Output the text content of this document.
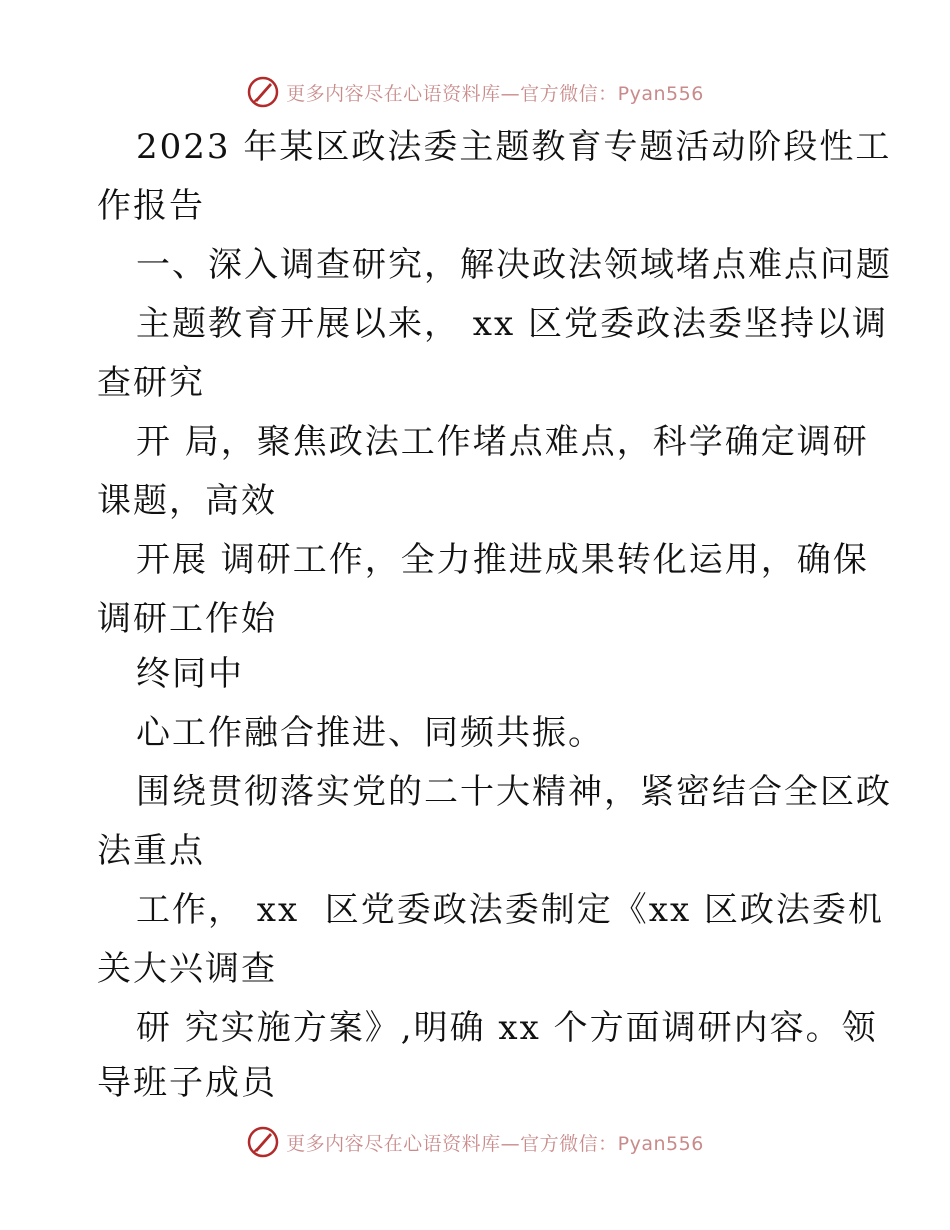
更多内容尽在心语资料库—官方微信：Pyan556
2023 年某区政法委主题教育专题活动阶段性工
作报告
一、深入调查研究，解决政法领域堵点难点问题
主题教育开展以来， xx 区党委政法委坚持以调
查研究
开 局，聚焦政法工作堵点难点，科学确定调研
课题，高效
开展 调研工作，全力推进成果转化运用，确保
调研工作始
终同中
心工作融合推进、同频共振。
围绕贯彻落实党的二十大精神，紧密结合全区政
法重点
工作， xx  区党委政法委制定《xx 区政法委机
关大兴调查
研 究实施方案》,明确 xx 个方面调研内容。领
导班子成员
更多内容尽在心语资料库—官方微信：Pyan556
